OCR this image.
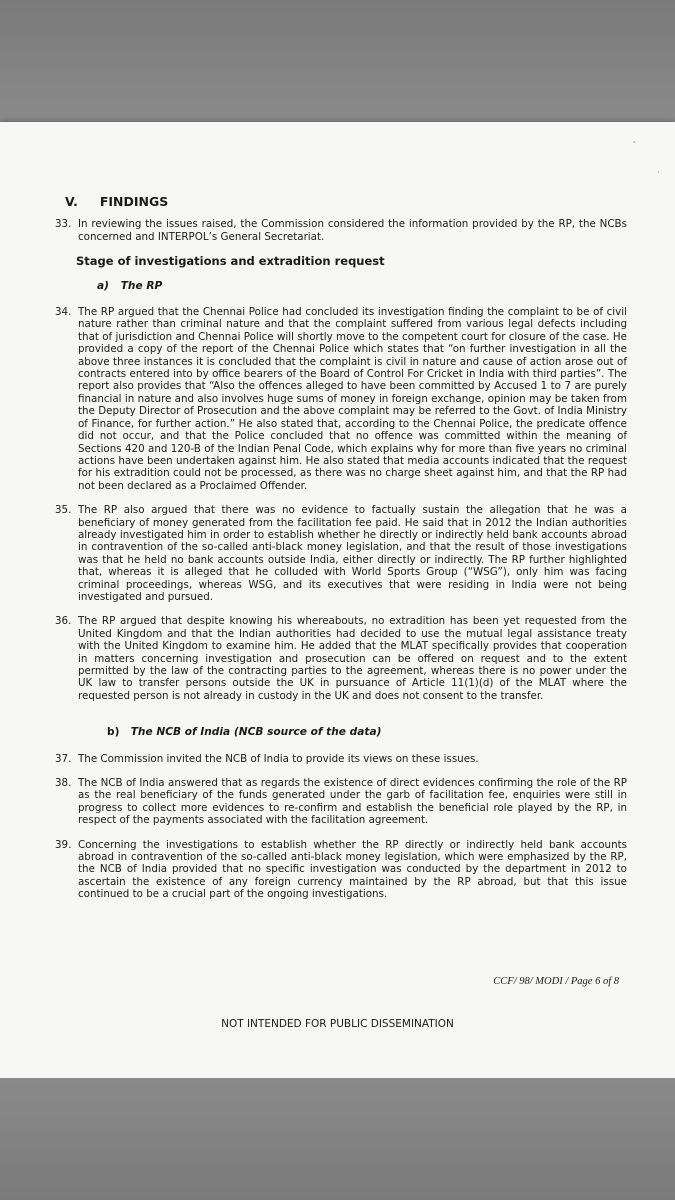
'
·
V. FINDINGS
33. In reviewing the issues raised, the Commission considered the information provided by the RP, the NCBs concerned and INTERPOL’s General Secretariat.
Stage of investigations and extradition request
a) The RP
34. The RP argued that the Chennai Police had concluded its investigation finding the complaint to be of civil nature rather than criminal nature and that the complaint suffered from various legal defects including that of jurisdiction and Chennai Police will shortly move to the competent court for closure of the case. He provided a copy of the report of the Chennai Police which states that “on further investigation in all the above three instances it is concluded that the complaint is civil in nature and cause of action arose out of contracts entered into by office bearers of the Board of Control For Cricket in India with third parties”. The report also provides that “Also the offences alleged to have been committed by Accused 1 to 7 are purely financial in nature and also involves huge sums of money in foreign exchange, opinion may be taken from the Deputy Director of Prosecution and the above complaint may be referred to the Govt. of India Ministry of Finance, for further action.” He also stated that, according to the Chennai Police, the predicate offence did not occur, and that the Police concluded that no offence was committed within the meaning of Sections 420 and 120-B of the Indian Penal Code, which explains why for more than five years no criminal actions have been undertaken against him. He also stated that media accounts indicated that the request for his extradition could not be processed, as there was no charge sheet against him, and that the RP had not been declared as a Proclaimed Offender.
35. The RP also argued that there was no evidence to factually sustain the allegation that he was a beneficiary of money generated from the facilitation fee paid. He said that in 2012 the Indian authorities already investigated him in order to establish whether he directly or indirectly held bank accounts abroad in contravention of the so-called anti-black money legislation, and that the result of those investigations was that he held no bank accounts outside India, either directly or indirectly. The RP further highlighted that, whereas it is alleged that he colluded with World Sports Group (“WSG”), only him was facing criminal proceedings, whereas WSG, and its executives that were residing in India were not being investigated and pursued.
36. The RP argued that despite knowing his whereabouts, no extradition has been yet requested from the United Kingdom and that the Indian authorities had decided to use the mutual legal assistance treaty with the United Kingdom to examine him. He added that the MLAT specifically provides that cooperation in matters concerning investigation and prosecution can be offered on request and to the extent permitted by the law of the contracting parties to the agreement, whereas there is no power under the UK law to transfer persons outside the UK in pursuance of Article 11(1)(d) of the MLAT where the requested person is not already in custody in the UK and does not consent to the transfer.
b) The NCB of India (NCB source of the data)
37. The Commission invited the NCB of India to provide its views on these issues.
38. The NCB of India answered that as regards the existence of direct evidences confirming the role of the RP as the real beneficiary of the funds generated under the garb of facilitation fee, enquiries were still in progress to collect more evidences to re-confirm and establish the beneficial role played by the RP, in respect of the payments associated with the facilitation agreement.
39. Concerning the investigations to establish whether the RP directly or indirectly held bank accounts abroad in contravention of the so-called anti-black money legislation, which were emphasized by the RP, the NCB of India provided that no specific investigation was conducted by the department in 2012 to ascertain the existence of any foreign currency maintained by the RP abroad, but that this issue continued to be a crucial part of the ongoing investigations.
CCF/ 98/ MODI / Page 6 of 8
NOT INTENDED FOR PUBLIC DISSEMINATION
